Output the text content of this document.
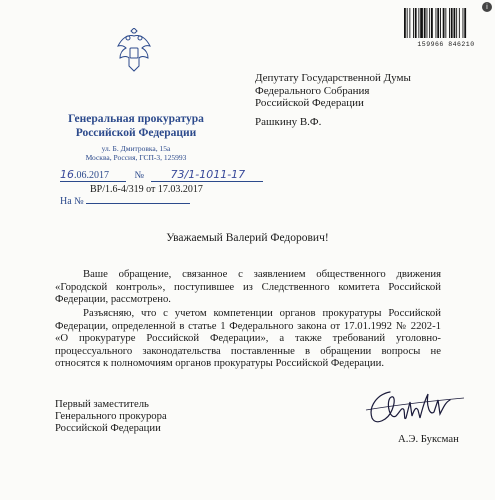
i
Генеральная прокуратура
Российской Федерации
ул. Б. Дмитровка, 15а
Москва, Россия, ГСП-3, 125993
16.06.2017	№ 73/1-1011-17
ВР/1.6-4/319 от 17.03.2017
На №
159966 846210
Депутату Государственной Думы
Федерального Собрания
Российской Федерации
Рашкину В.Ф.
Уважаемый Валерий Федорович!
Ваше обращение, связанное с заявлением общественного движения «Городской контроль», поступившее из Следственного комитета Российской Федерации, рассмотрено.
Разъясняю, что с учетом компетенции органов прокуратуры Российской Федерации, определенной в статье 1 Федерального закона от 17.01.1992 № 2202-1 «О прокуратуре Российской Федерации», а также требований уголовно-процессуального законодательства поставленные в обращении вопросы не относятся к полномочиям органов прокуратуры Российской Федерации.
Первый заместитель
Генерального прокурора
Российской Федерации
А.Э. Буксман
